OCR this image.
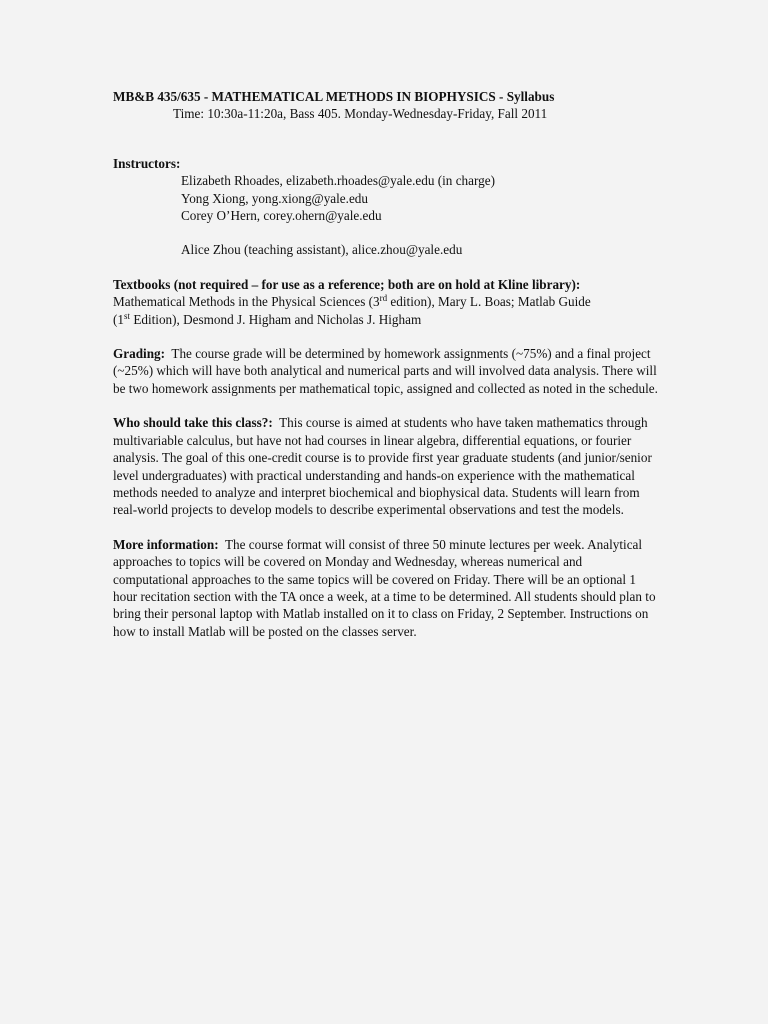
MB&B 435/635 - MATHEMATICAL METHODS IN BIOPHYSICS - Syllabus

Time: 10:30a-11:20a, Bass 405. Monday-Wednesday-Friday, Fall 2011

Instructors:
Elizabeth Rhoades, elizabeth.rhoades@yale.edu (in charge)
Yong Xiong, yong.xiong@yale.edu
Corey O’Hern, corey.ohern@yale.edu
Alice Zhou (teaching assistant), alice.zhou@yale.edu
Textbooks (not required – for use as a reference; both are on hold at Kline library):
Mathematical Methods in the Physical Sciences (3rd edition), Mary L. Boas; Matlab Guide
(1st Edition), Desmond J. Higham and Nicholas J. Higham

Grading: The course grade will be determined by homework assignments (~75%) and a final project (~25%) which will have both analytical and numerical parts and will involved data analysis. There will be two homework assignments per mathematical topic, assigned and collected as noted in the schedule.

Who should take this class?: This course is aimed at students who have taken mathematics through multivariable calculus, but have not had courses in linear algebra, differential equations, or fourier analysis. The goal of this one-credit course is to provide first year graduate students (and junior/senior level undergraduates) with practical understanding and hands-on experience with the mathematical methods needed to analyze and interpret biochemical and biophysical data. Students will learn from real-world projects to develop models to describe experimental observations and test the models.

More information: The course format will consist of three 50 minute lectures per week. Analytical approaches to topics will be covered on Monday and Wednesday, whereas numerical and computational approaches to the same topics will be covered on Friday. There will be an optional 1 hour recitation section with the TA once a week, at a time to be determined. All students should plan to bring their personal laptop with Matlab installed on it to class on Friday, 2 September. Instructions on how to install Matlab will be posted on the classes server.
